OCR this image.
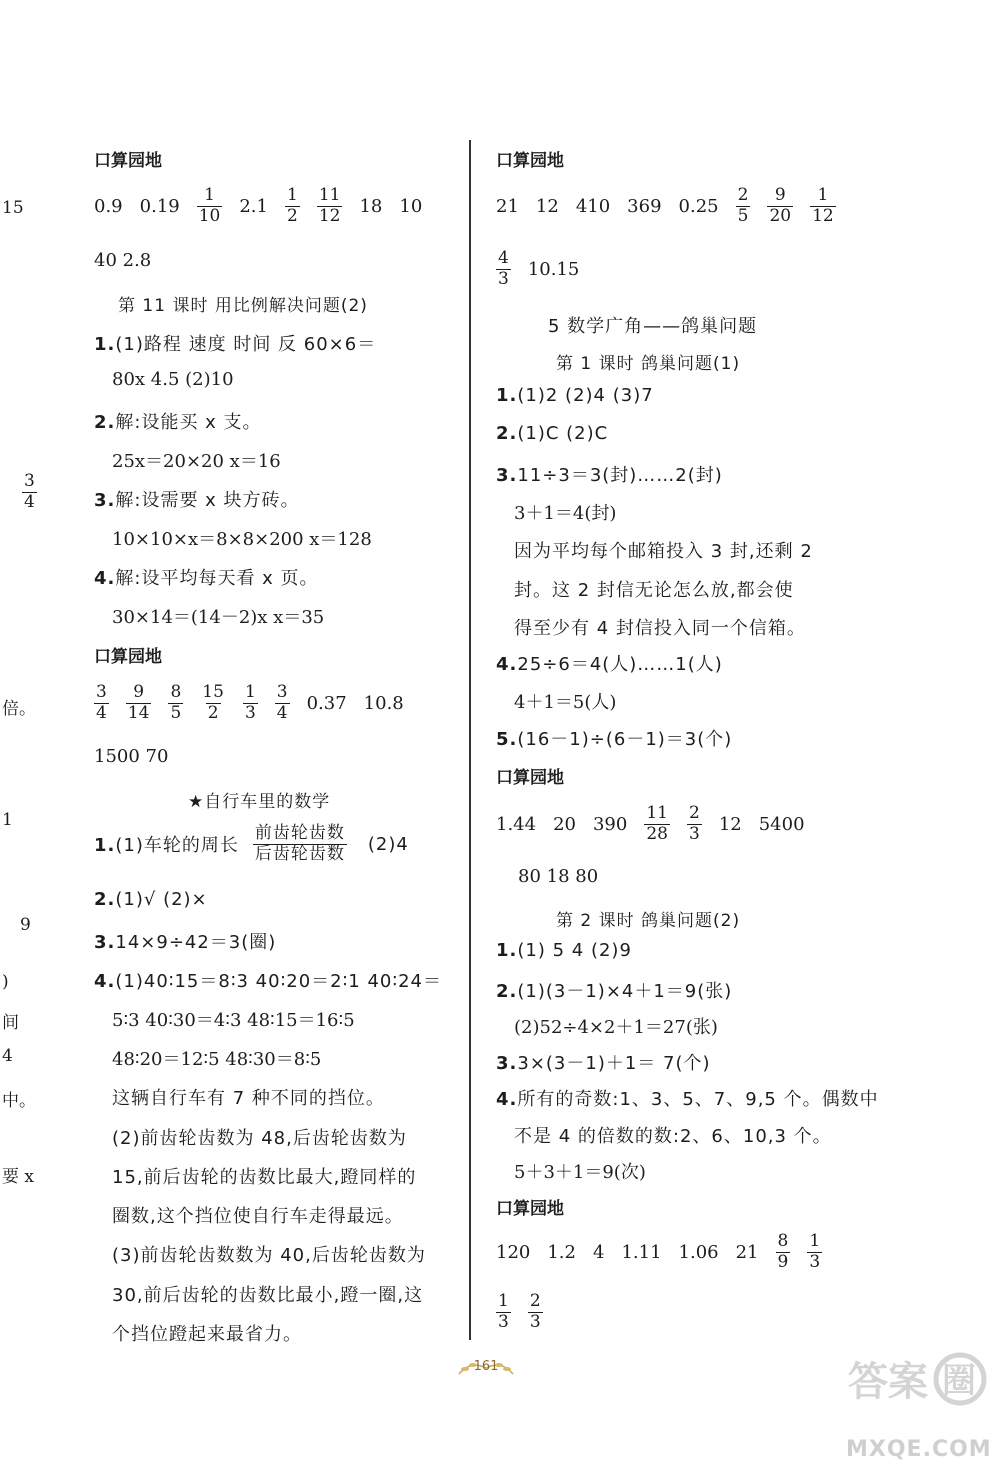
15
$\frac{3}{4}$
倍。
1
9
)
间
4
中。
要 x
口算园地
0.9 $0.19 \frac{1}{10} 2.1 \frac{1}{2} \frac{11}{12} 18$ 10
40 2.8
第 11 课时 用比例解决问题(2)
1.(1)路程 速度 时间 反 60×6＝
80x 4.5 (2)10
2.解:设能买 x 支。
25x＝20×20 x＝16
3.解:设需要 x 块方砖。
10×10×x＝8×8×200 x＝128
4.解:设平均每天看 x 页。
30×14＝(14－2)x x＝35
口算园地
$\frac{3}{4} \frac{9}{14} \frac{8}{5} \frac{15}{2} \frac{1}{3} \frac{3}{4} 0.37$ 10.8
1500 70
★自行车里的数学
1.(1)车轮的周长 $\frac{\text{前齿轮齿数}}{\text{后齿轮齿数}} (2)4$
2.(1)√ (2)×
3.14×9÷42＝3(圈)
4.(1)40∶15＝8∶3 40∶20＝2∶1 40∶24＝
5∶3 40∶30＝4∶3 48∶15＝16∶5
48∶20＝12∶5 48∶30＝8∶5
这辆自行车有 7 种不同的挡位。
(2)前齿轮齿数为 48,后齿轮齿数为
15,前后齿轮的齿数比最大,蹬同样的
圈数,这个挡位使自行车走得最远。
(3)前齿轮齿数数为 40,后齿轮齿数为
30,前后齿轮的齿数比最小,蹬一圈,这
个挡位蹬起来最省力。
口算园地
21 12 410 369 $0.25 \frac{2}{5} \frac{9}{20} \frac{1}{12}$
$\frac{4}{3} 10.15$
5 数学广角——鸽巢问题
第 1 课时 鸽巢问题(1)
1.(1)2 (2)4 (3)7
2.(1)C (2)C
3.11÷3＝3(封)……2(封)
3＋1＝4(封)
因为平均每个邮箱投入 3 封,还剩 2
封。这 2 封信无论怎么放,都会使
得至少有 4 封信投入同一个信箱。
4.25÷6＝4(人)……1(人)
4＋1＝5(人)
5.(16－1)÷(6－1)＝3(个)
口算园地
1.44 20 $390 \frac{11}{28} \frac{2}{3} 12$ 5400
80 18 80
第 2 课时 鸽巢问题(2)
1.(1) 5 4 (2)9
2.(1)(3－1)×4＋1＝9(张)
(2)52÷4×2＋1＝27(张)
3.3×(3－1)＋1＝ 7(个)
4.所有的奇数:1、3、5、7、9,5 个。偶数中
不是 4 的倍数的数:2、6、10,3 个。
5＋3＋1＝9(次)
口算园地
120 1.2 4 1.11 1.06 $21 \frac{8}{9} \frac{1}{3}$
$\frac{1}{3} \frac{2}{3}$
161	答案 圈
MXQE.COM
